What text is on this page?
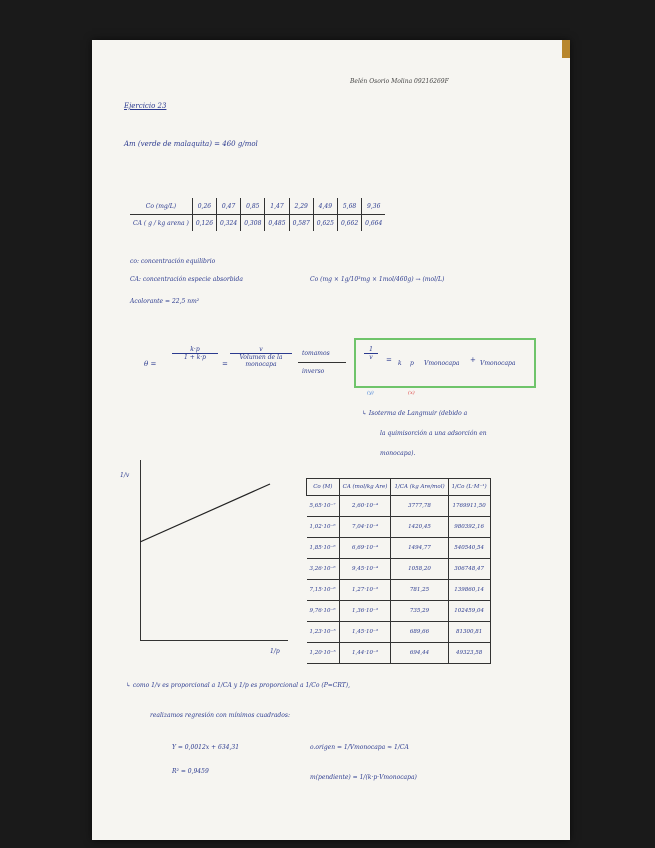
Belén Osorio Molina 09216269F
Ejercicio 23
Am (verde de malaquita) = 460 g/mol
Co (mg/L)	0,26	0,47	0,85	1,47	2,29	4,49	5,68	9,36
CA ( g / kg arena )	0,126	0,324	0,308	0,485	0,587	0,625	0,662	0,664
co: concentración equilibrio
CA: concentración especie absorbida	Co (mg × 1g/10³mg × 1mol/460g) → (mol/L)
Acolorante = 22,5 nm²
θ =
$\frac{k\cdot p}{1 + k\cdot p}$
=
v
Volumen de la monocapa
tomamos
inverso
$\frac{1}{v} = k$ p Vmonocapa + Vmonocapa
(y)	(x)
↳ Isoterma de Langmuir (debido a
la quimisorción a una adsorción en
monocapa).
1/v
1/p
Co (M)	CA (mol/kg Are)	1/CA (kg Are/mol)	1/Co (L·M⁻¹)
5,65·10⁻⁷	2,60·10⁻⁴	3777,78	1769911,50
1,02·10⁻⁶	7,04·10⁻⁴	1420,45	980392,16
1,85·10⁻⁶	6,69·10⁻⁴	1494,77	540540,54
3,26·10⁻⁶	9,45·10⁻⁴	1058,20	306748,47
7,15·10⁻⁶	1,27·10⁻³	781,25	139860,14
9,76·10⁻⁶	1,36·10⁻³	735,29	102459,04
1,23·10⁻⁵	1,45·10⁻³	689,66	81300,81
1,20·10⁻⁵	1,44·10⁻³	694,44	49323,58
↳ como 1/v es proporcional a 1/CA y 1/p es proporcional a 1/Co (P=CRT),
realizamos regresión con mínimos cuadrados:
Y = 0,0012x + 634,31
R² = 0,9459
o.origen = 1/Vmonocapa ≈ 1/CA
m(pendiente) = 1/(k·p·Vmonocapa)
